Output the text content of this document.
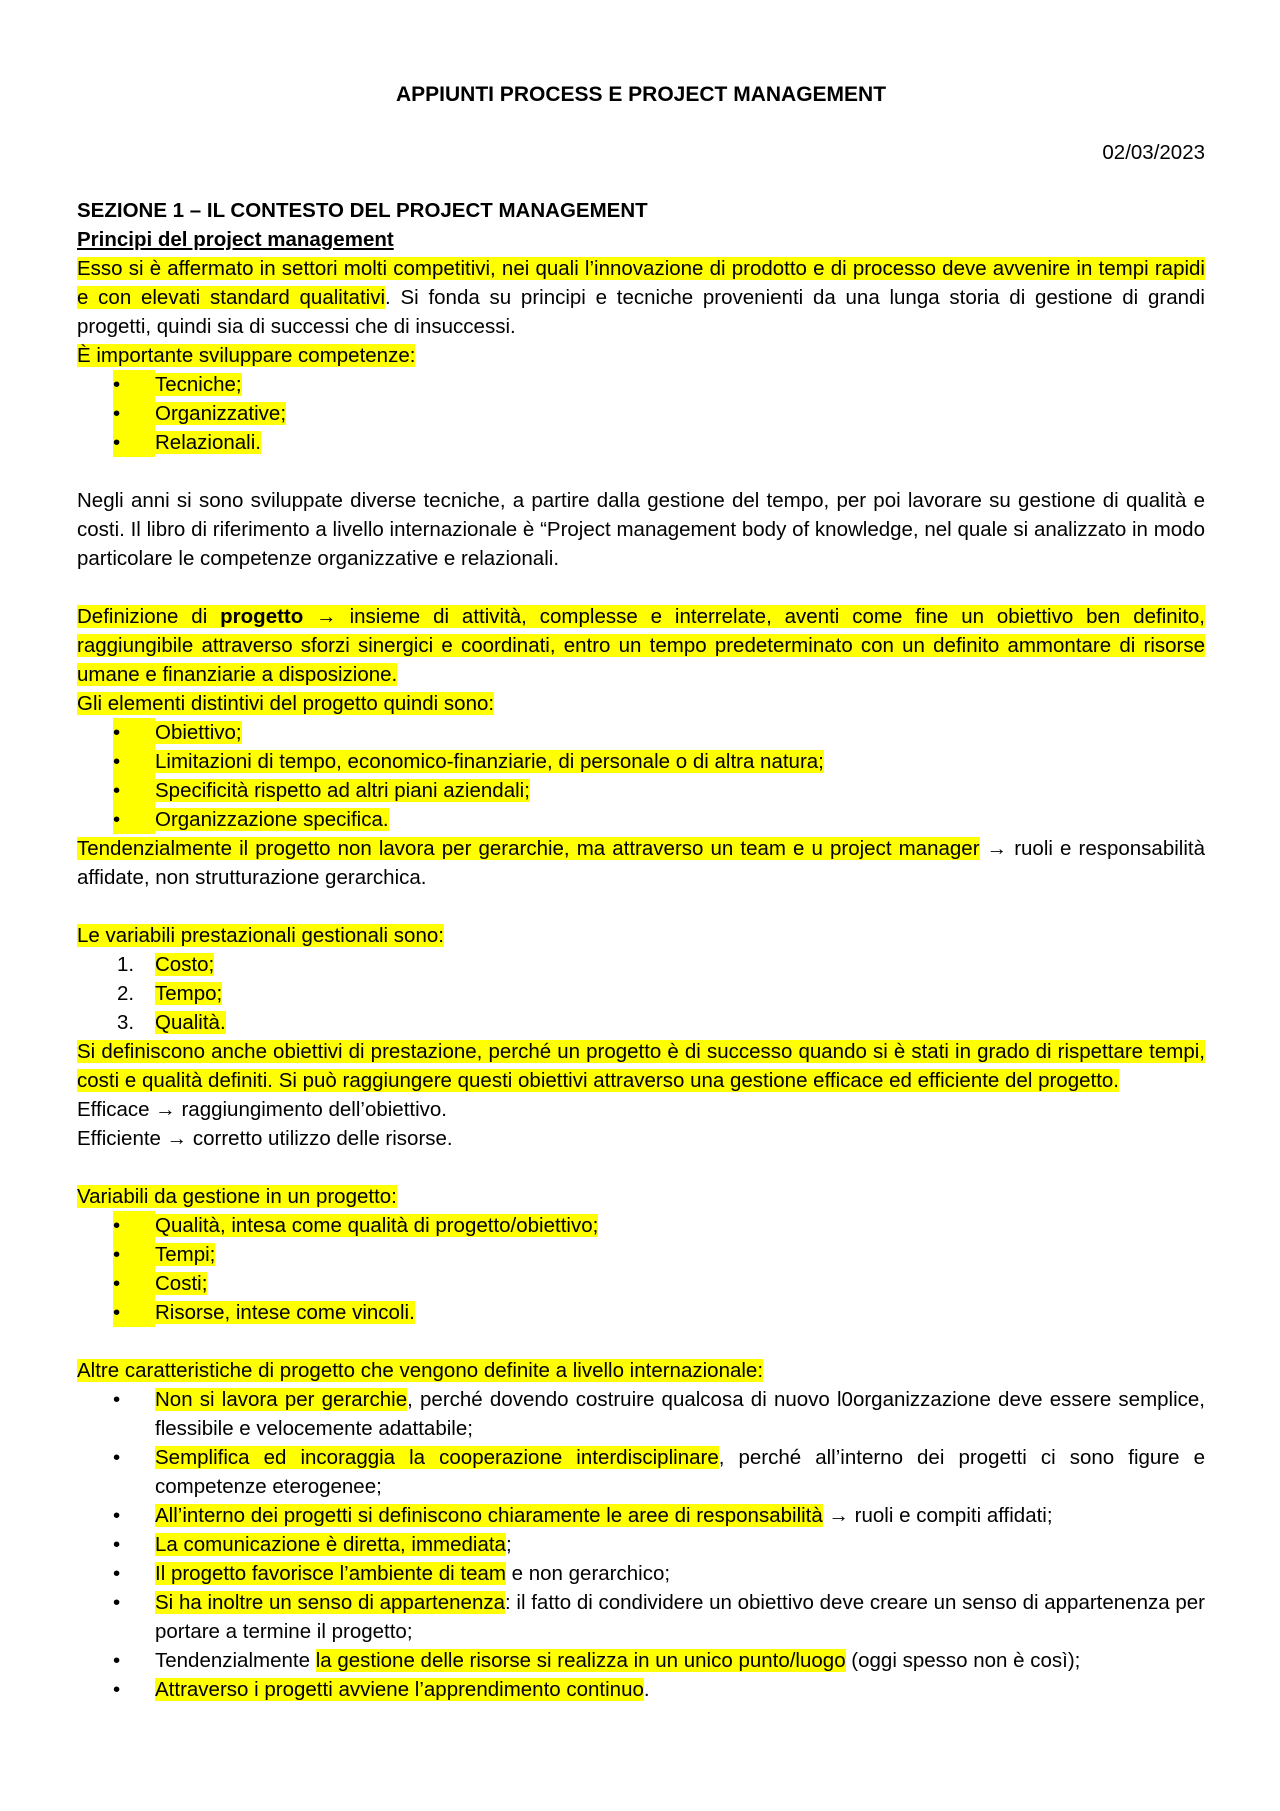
APPIUNTI PROCESS E PROJECT MANAGEMENT
02/03/2023

SEZIONE 1 – IL CONTESTO DEL PROJECT MANAGEMENT

Principi del project management

Esso si è affermato in settori molti competitivi, nei quali l’innovazione di prodotto e di processo deve avvenire in tempi rapidi e con elevati standard qualitativi. Si fonda su principi e tecniche provenienti da una lunga storia di gestione di grandi progetti, quindi sia di successi che di insuccessi.

È importante sviluppare competenze:

•	Tecniche;
•	Organizzative;
•	Relazionali.

Negli anni si sono sviluppate diverse tecniche, a partire dalla gestione del tempo, per poi lavorare su gestione di qualità e costi. Il libro di riferimento a livello internazionale è “Project management body of knowledge, nel quale si analizzato in modo particolare le competenze organizzative e relazionali.

Definizione di progetto → insieme di attività, complesse e interrelate, aventi come fine un obiettivo ben definito, raggiungibile attraverso sforzi sinergici e coordinati, entro un tempo predeterminato con un definito ammontare di risorse umane e finanziarie a disposizione.

Gli elementi distintivi del progetto quindi sono:

•	Obiettivo;
•	Limitazioni di tempo, economico-finanziarie, di personale o di altra natura;
•	Specificità rispetto ad altri piani aziendali;
•	Organizzazione specifica.

Tendenzialmente il progetto non lavora per gerarchie, ma attraverso un team e u project manager → ruoli e responsabilità affidate, non strutturazione gerarchica.

Le variabili prestazionali gestionali sono:

1. Costo;
2. Tempo;
3. Qualità.

Si definiscono anche obiettivi di prestazione, perché un progetto è di successo quando si è stati in grado di rispettare tempi, costi e qualità definiti. Si può raggiungere questi obiettivi attraverso una gestione efficace ed efficiente del progetto.

Efficace → raggiungimento dell’obiettivo.

Efficiente → corretto utilizzo delle risorse.

Variabili da gestione in un progetto:

•	Qualità, intesa come qualità di progetto/obiettivo;
•	Tempi;
•	Costi;
•	Risorse, intese come vincoli.

Altre caratteristiche di progetto che vengono definite a livello internazionale:

•	Non si lavora per gerarchie, perché dovendo costruire qualcosa di nuovo l0organizzazione deve essere semplice, flessibile e velocemente adattabile;
•	Semplifica ed incoraggia la cooperazione interdisciplinare, perché all’interno dei progetti ci sono figure e competenze eterogenee;
•	All’interno dei progetti si definiscono chiaramente le aree di responsabilità → ruoli e compiti affidati;
•	La comunicazione è diretta, immediata;
•	Il progetto favorisce l’ambiente di team e non gerarchico;
•	Si ha inoltre un senso di appartenenza: il fatto di condividere un obiettivo deve creare un senso di appartenenza per portare a termine il progetto;
•	Tendenzialmente la gestione delle risorse si realizza in un unico punto/luogo (oggi spesso non è così);
•	Attraverso i progetti avviene l’apprendimento continuo.
